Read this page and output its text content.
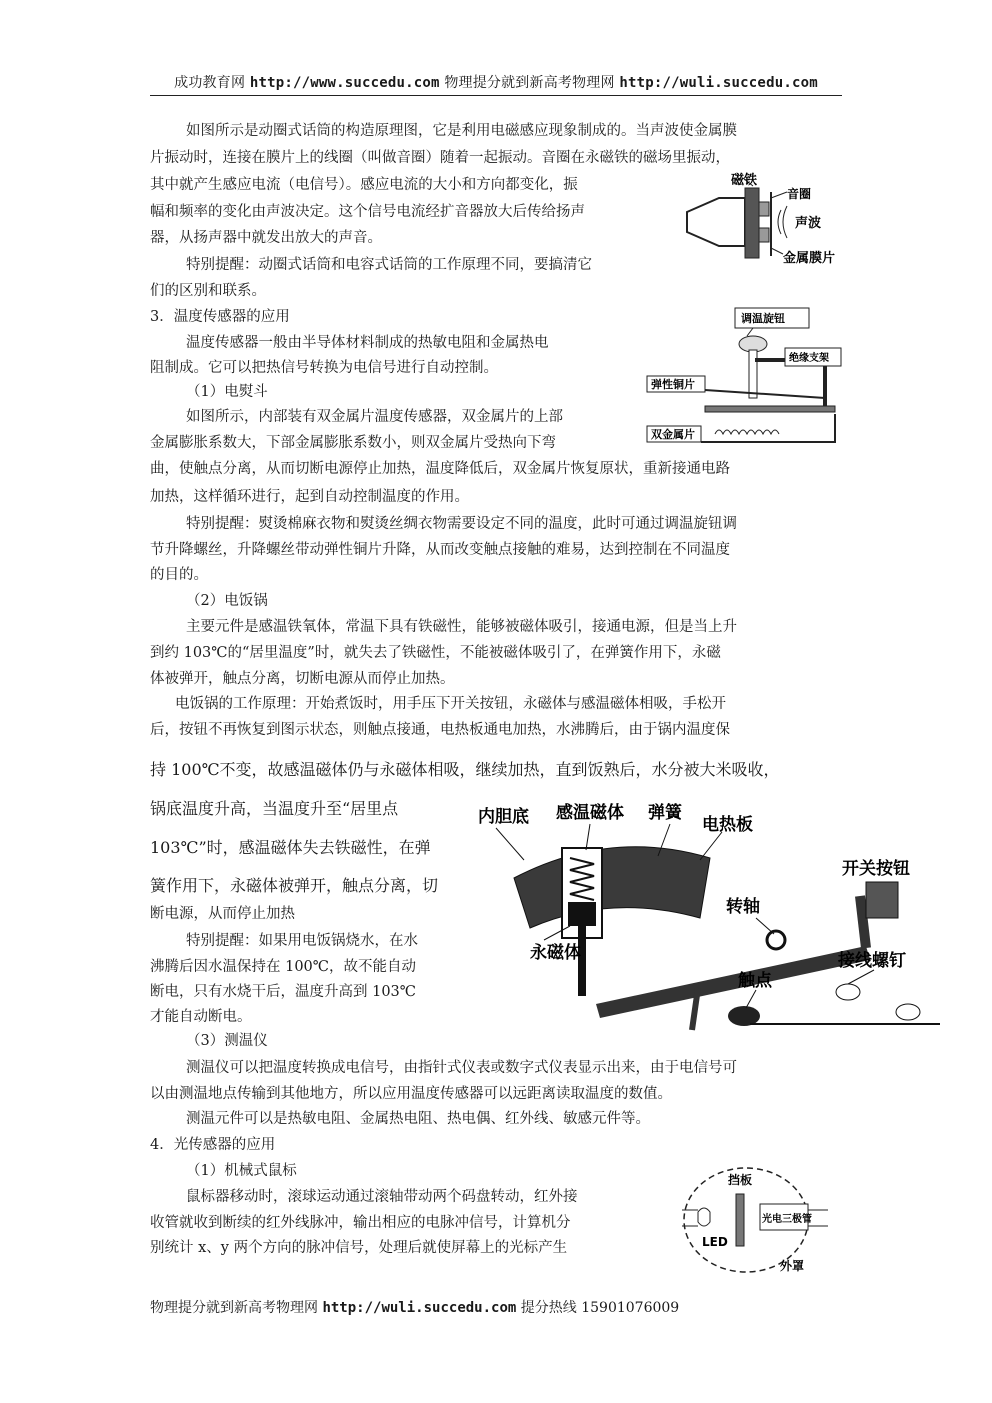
成功教育网 http://www.succedu.com 物理提分就到新高考物理网 http://wuli.succedu.com
如图所示是动圈式话筒的构造原理图，它是利用电磁感应现象制成的。当声波使金属膜
片振动时，连接在膜片上的线圈（叫做音圈）随着一起振动。音圈在永磁铁的磁场里振动，
其中就产生感应电流（电信号）。感应电流的大小和方向都变化，振
幅和频率的变化由声波决定。这个信号电流经扩音器放大后传给扬声
器，从扬声器中就发出放大的声音。
特别提醒：动圈式话筒和电容式话筒的工作原理不同，要搞清它
们的区别和联系。
3．温度传感器的应用
温度传感器一般由半导体材料制成的热敏电阻和金属热电
阻制成。它可以把热信号转换为电信号进行自动控制。
（1）电熨斗
如图所示，内部装有双金属片温度传感器，双金属片的上部
金属膨胀系数大，下部金属膨胀系数小，则双金属片受热向下弯
曲，使触点分离，从而切断电源停止加热，温度降低后，双金属片恢复原状，重新接通电路
加热，这样循环进行，起到自动控制温度的作用。
特别提醒：熨烫棉麻衣物和熨烫丝绸衣物需要设定不同的温度，此时可通过调温旋钮调
节升降螺丝，升降螺丝带动弹性铜片升降，从而改变触点接触的难易，达到控制在不同温度
的目的。
（2）电饭锅
主要元件是感温铁氧体，常温下具有铁磁性，能够被磁体吸引，接通电源，但是当上升
到约 103℃的“居里温度”时，就失去了铁磁性，不能被磁体吸引了，在弹簧作用下，永磁
体被弹开，触点分离，切断电源从而停止加热。
电饭锅的工作原理：开始煮饭时，用手压下开关按钮，永磁体与感温磁体相吸，手松开
后，按钮不再恢复到图示状态，则触点接通，电热板通电加热，水沸腾后，由于锅内温度保
持 100℃不变，故感温磁体仍与永磁体相吸，继续加热，直到饭熟后，水分被大米吸收，
锅底温度升高，当温度升至“居里点
103℃”时，感温磁体失去铁磁性，在弹
簧作用下，永磁体被弹开，触点分离，切
断电源，从而停止加热
特别提醒：如果用电饭锅烧水，在水
沸腾后因水温保持在 100℃，故不能自动
断电，只有水烧干后，温度升高到 103℃
才能自动断电。
（3）测温仪
测温仪可以把温度转换成电信号，由指针式仪表或数字式仪表显示出来，由于电信号可
以由测温地点传输到其他地方，所以应用温度传感器可以远距离读取温度的数值。
测温元件可以是热敏电阻、金属热电阻、热电偶、红外线、敏感元件等。
4．光传感器的应用
（1）机械式鼠标
鼠标器移动时，滚球运动通过滚轴带动两个码盘转动，红外接
收管就收到断续的红外线脉冲，输出相应的电脉冲信号，计算机分
别统计 x、y 两个方向的脉冲信号，处理后就使屏幕上的光标产生
磁铁
音圈
声波
金属膜片
调温旋钮
绝缘支架
弹性铜片
双金属片
内胆底 感温磁体 弹簧
电热板
开关按钮
转轴
永磁体	接线螺钉
触点
挡板
LED
光电三极管
外罩
物理提分就到新高考物理网 http://wuli.succedu.com 提分热线 15901076009
